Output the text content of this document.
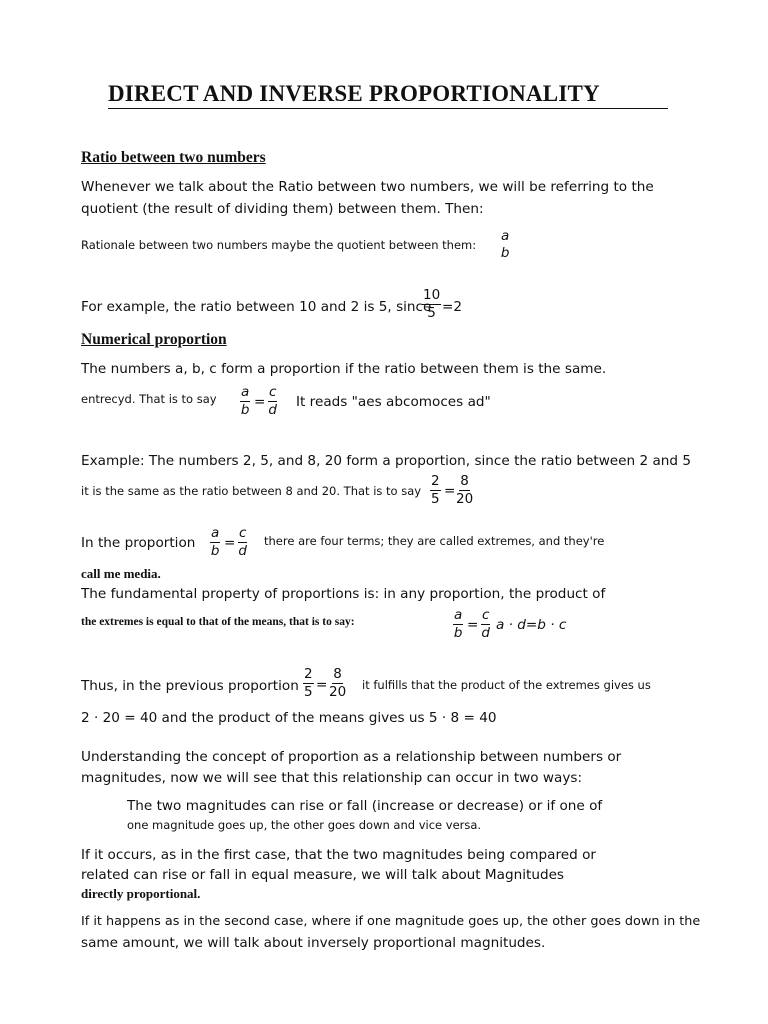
DIRECT AND INVERSE PROPORTIONALITY
Ratio between two numbers
Whenever we talk about the Ratio between two numbers, we will be referring to the
quotient (the result of dividing them) between them. Then:
Rationale between two numbers maybe the quotient between them:
a
b
For example, the ratio between 10 and 2 is 5, since
$\frac{10}{5} =2$
Numerical proportion
The numbers a, b, c form a proportion if the ratio between them is the same.
entrecyd. That is to say $\frac{a}{b} = \frac{c}{d}$ It reads "aes abcomoces ad"
Example: The numbers 2, 5, and 8, 20 form a proportion, since the ratio between 2 and 5
it is the same as the ratio between 8 and 20. That is to say $\frac{2}{5} = \frac{8}{20}$
In the proportion $\frac{a}{b} = \frac{c}{d}$ there are four terms; they are called extremes, and they're
call me media.
The fundamental property of proportions is: in any proportion, the product of
the extremes is equal to that of the means, that is to say:	$\frac{a}{b} = \frac{c}{d}$ a · d=b · c
Thus, in the previous proportion $\frac{2}{5} = \frac{8}{20}$ it fulfills that the product of the extremes gives us
2 · 20 = 40 and the product of the means gives us 5 · 8 = 40
Understanding the concept of proportion as a relationship between numbers or
magnitudes, now we will see that this relationship can occur in two ways:
The two magnitudes can rise or fall (increase or decrease) or if one of
one magnitude goes up, the other goes down and vice versa.
If it occurs, as in the first case, that the two magnitudes being compared or
related can rise or fall in equal measure, we will talk about Magnitudes
directly proportional.
If it happens as in the second case, where if one magnitude goes up, the other goes down in the
same amount, we will talk about inversely proportional magnitudes.
